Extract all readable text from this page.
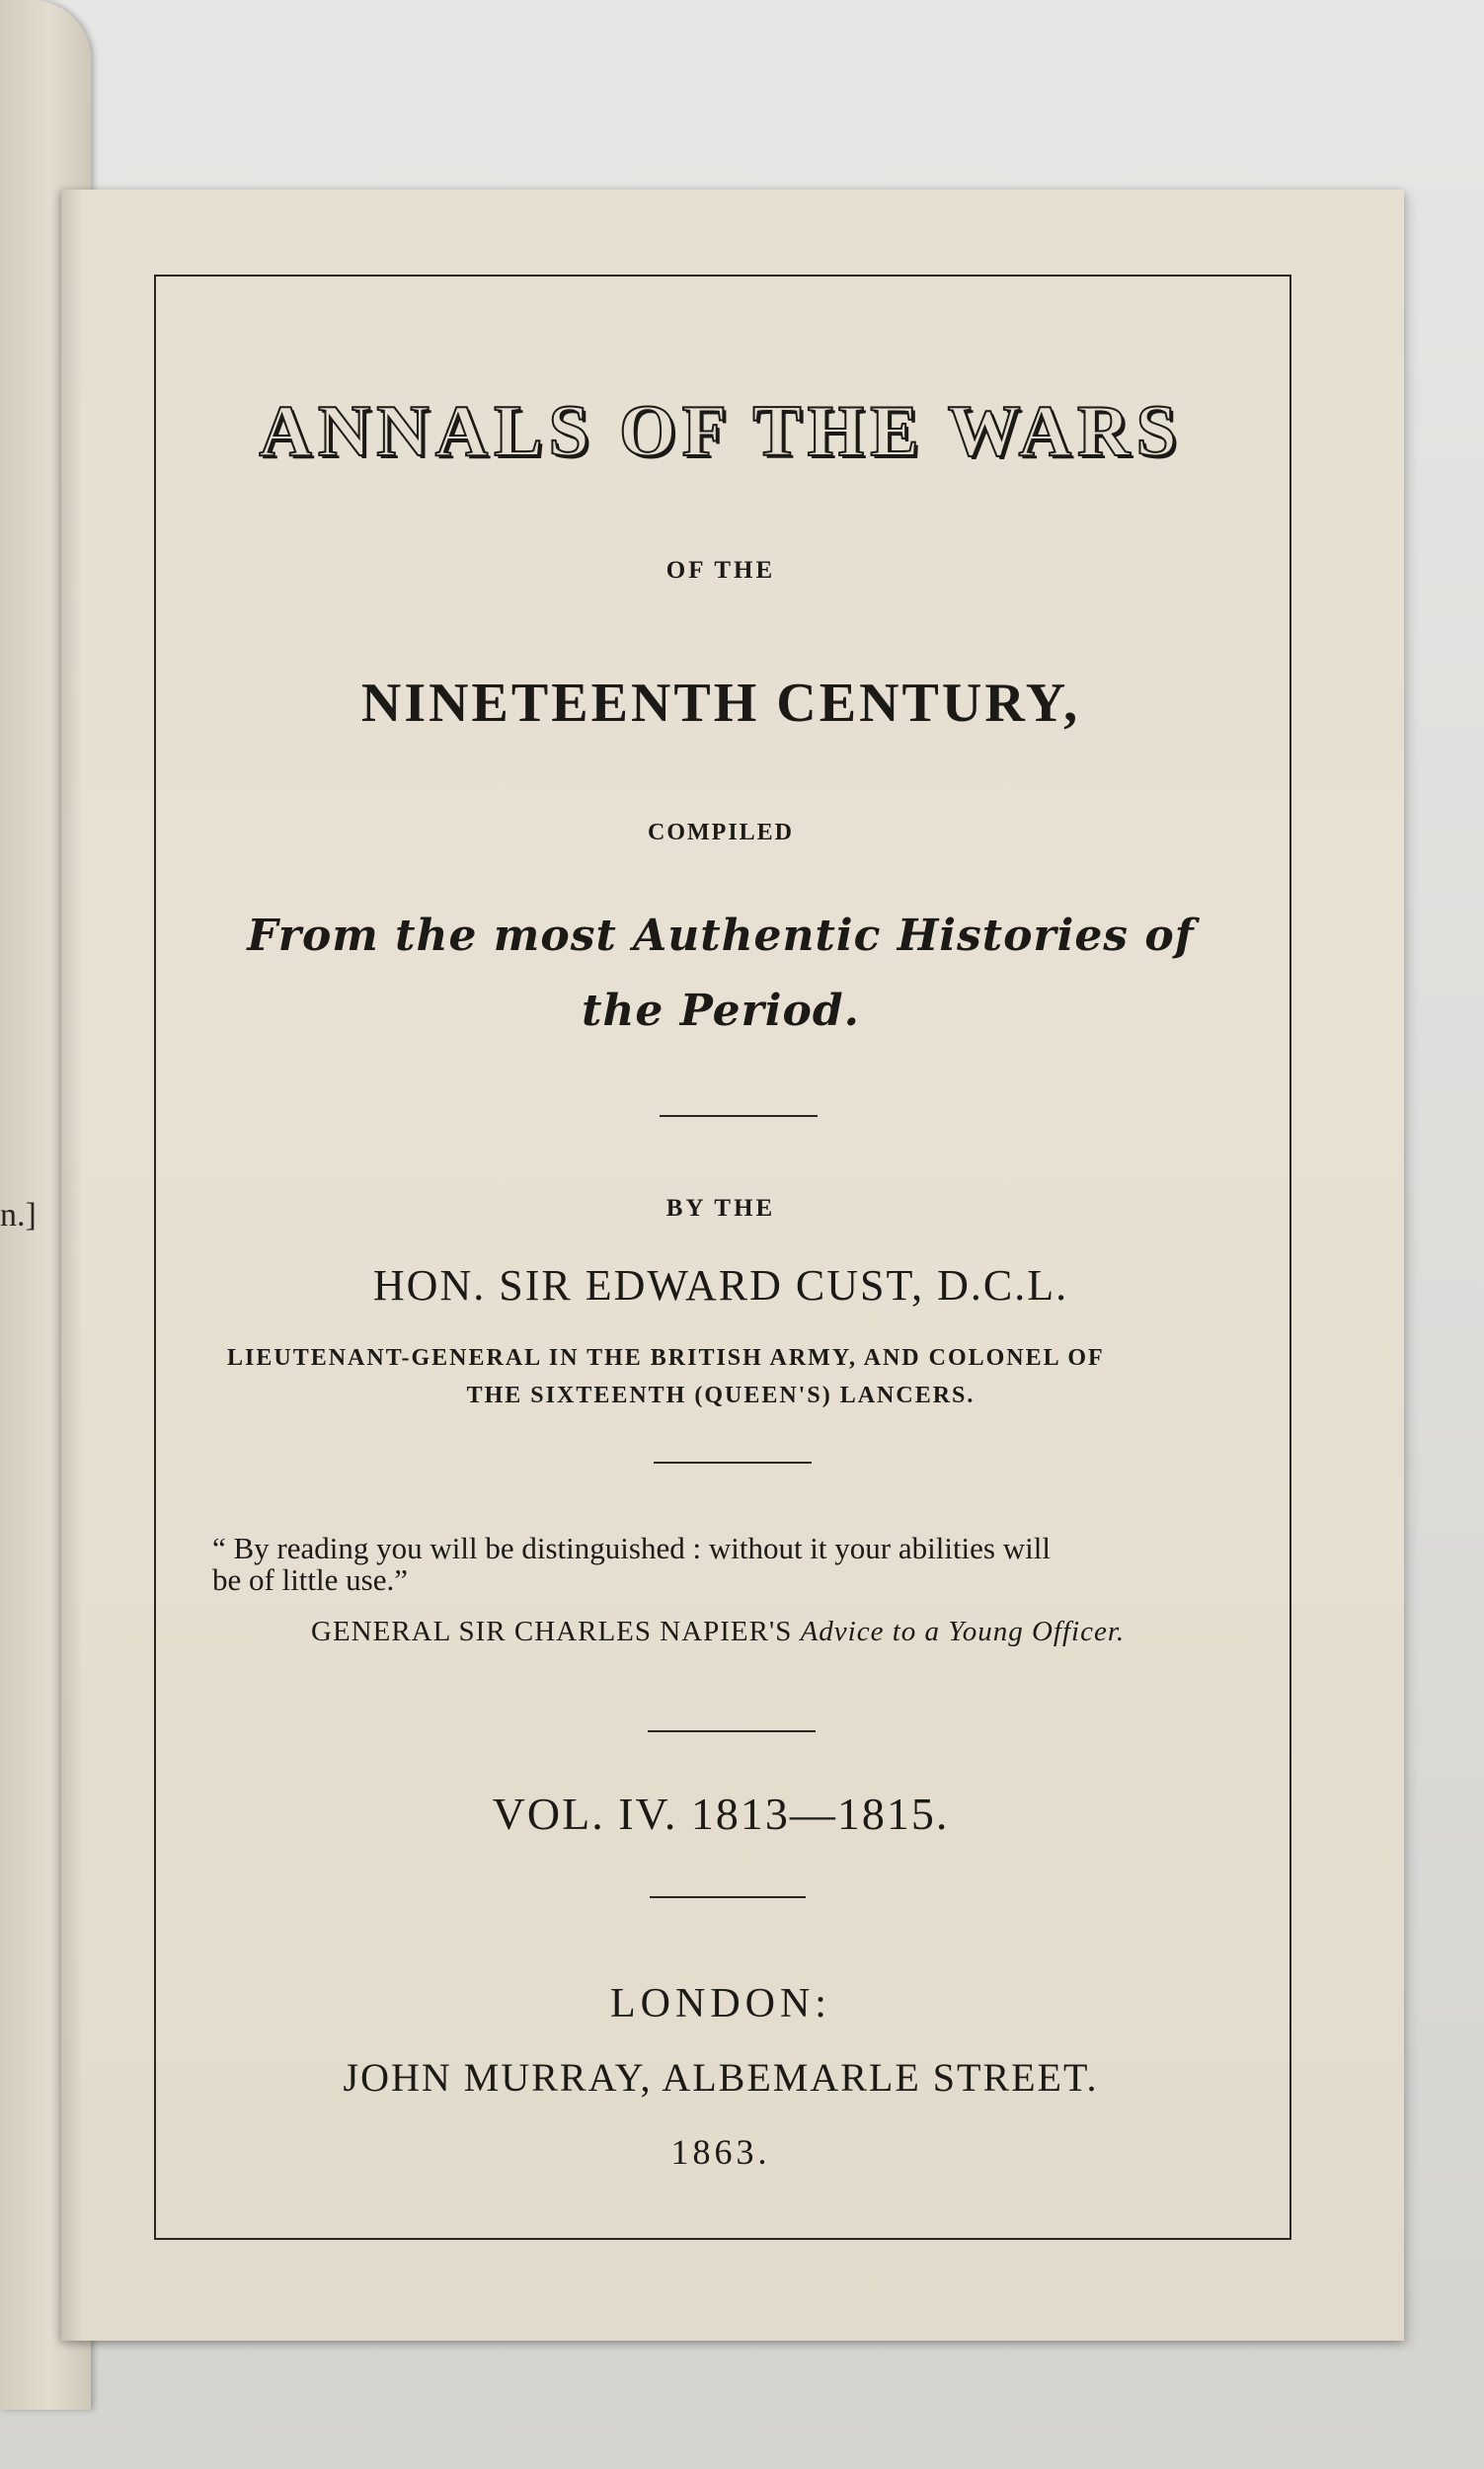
n.]
ANNALS OF THE WARS
OF THE
NINETEENTH CENTURY,
COMPILED
From the most Authentic Histories of
the Period.
BY THE
HON. SIR EDWARD CUST, D.C.L.
LIEUTENANT-GENERAL IN THE BRITISH ARMY, AND COLONEL OF
THE SIXTEENTH (QUEEN'S) LANCERS.
“ By reading you will be distinguished : without it your abilities will
be of little use.”
GENERAL SIR CHARLES NAPIER'S Advice to a Young Officer.
VOL. IV. 1813—1815.
LONDON:
JOHN MURRAY, ALBEMARLE STREET.
1863.
